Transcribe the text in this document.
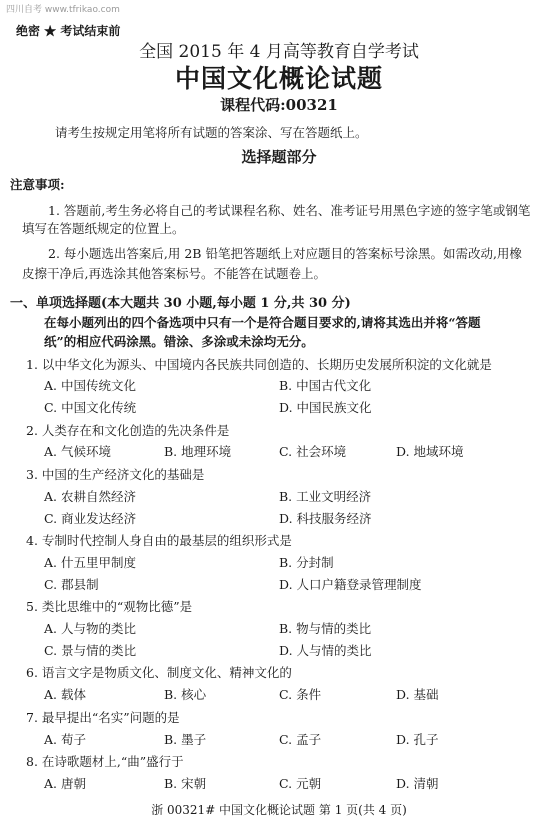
四川自考 www.tfrikao.com
绝密 ★ 考试结束前
全国 2015 年 4 月高等教育自学考试
中国文化概论试题
课程代码:00321
请考生按规定用笔将所有试题的答案涂、写在答题纸上。
选择题部分
注意事项:
1. 答题前,考生务必将自己的考试课程名称、姓名、准考证号用黑色字迹的签字笔或钢笔
填写在答题纸规定的位置上。
2. 每小题选出答案后,用 2B 铅笔把答题纸上对应题目的答案标号涂黑。如需改动,用橡
皮擦干净后,再选涂其他答案标号。不能答在试题卷上。
一、单项选择题(本大题共 30 小题,每小题 1 分,共 30 分)
在每小题列出的四个备选项中只有一个是符合题目要求的,请将其选出并将“答题
纸”的相应代码涂黑。错涂、多涂或未涂均无分。
1. 以中华文化为源头、中国境内各民族共同创造的、长期历史发展所积淀的文化就是
A. 中国传统文化	B. 中国古代文化
C. 中国文化传统	D. 中国民族文化
2. 人类存在和文化创造的先决条件是
A. 气候环境	B. 地理环境	C. 社会环境	D. 地域环境
3. 中国的生产经济文化的基础是
A. 农耕自然经济	B. 工业文明经济
C. 商业发达经济	D. 科技服务经济
4. 专制时代控制人身自由的最基层的组织形式是
A. 什五里甲制度	B. 分封制
C. 郡县制	D. 人口户籍登录管理制度
5. 类比思维中的“观物比德”是
A. 人与物的类比	B. 物与情的类比
C. 景与情的类比	D. 人与情的类比
6. 语言文字是物质文化、制度文化、精神文化的
A. 载体	B. 核心	C. 条件	D. 基础
7. 最早提出“名实”问题的是
A. 荀子	B. 墨子	C. 孟子	D. 孔子
8. 在诗歌题材上,“曲”盛行于
A. 唐朝	B. 宋朝	C. 元朝	D. 清朝
浙 00321# 中国文化概论试题 第 1 页(共 4 页)
